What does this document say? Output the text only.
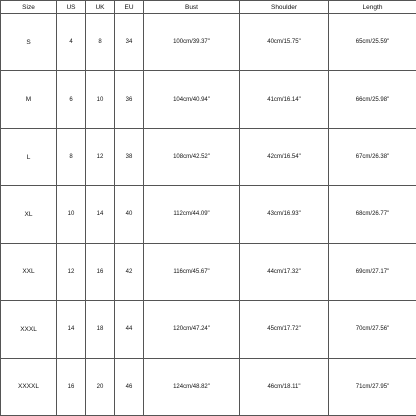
Size	US	UK	EU	Bust	Shoulder	Length
S	4	8	34	100cm/39.37"	40cm/15.75"	65cm/25.59"
M	6	10	36	104cm/40.94"	41cm/16.14"	66cm/25.98"
L	8	12	38	108cm/42.52"	42cm/16.54"	67cm/26.38"
XL	10	14	40	112cm/44.09"	43cm/16.93"	68cm/26.77"
XXL	12	16	42	116cm/45.67"	44cm/17.32"	69cm/27.17"
XXXL	14	18	44	120cm/47.24"	45cm/17.72"	70cm/27.56"
XXXXL	16	20	46	124cm/48.82"	46cm/18.11"	71cm/27.95"
